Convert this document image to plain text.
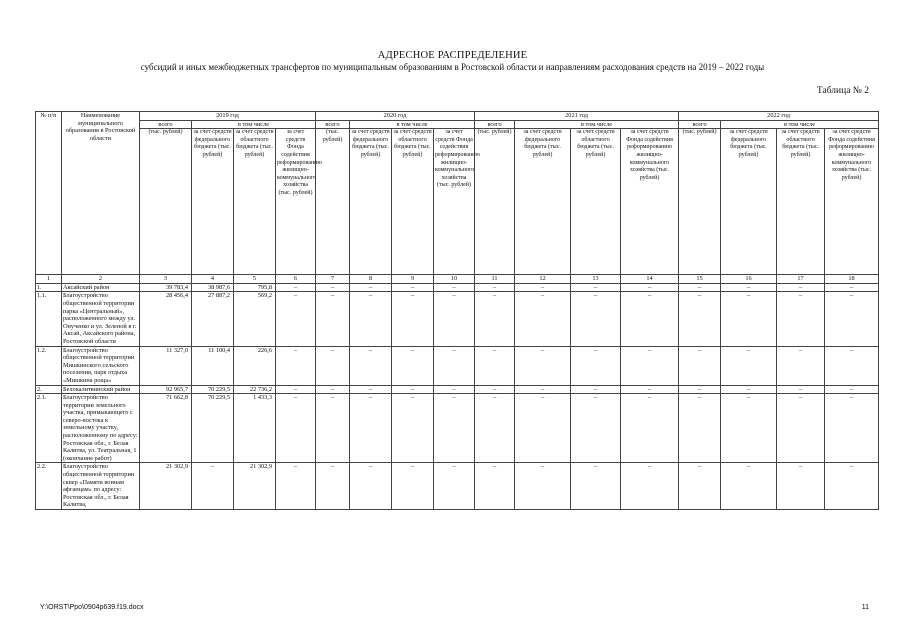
АДРЕСНОЕ РАСПРЕДЕЛЕНИЕ
субсидий и иных межбюджетных трансфертов по муниципальным образованиям в Ростовской области и направлениям расходования средств на 2019 – 2022 годы
Таблица № 2
№ п/п	Наименование муниципального образования в Ростовской области	2019 год				2020 год				2021 год				2022 год			
		всего	в том числе			всего	в том числе			всего	в том числе			всего	в том числе		
		(тыс. рублей)	за счет средств федерального бюджета (тыс. рублей)	за счет средств областного бюджета (тыс. рублей)	за счет средств Фонда содействия реформированию жилищно-коммунального хозяйства (тыс. рублей)	(тыс. рублей)	за счет средств федерального бюджета (тыс. рублей)	за счет средств областного бюджета (тыс. рублей)	за счет средств Фонда содействия реформированию жилищно-коммунального хозяйства (тыс. рублей)	(тыс. рублей)	за счет средств федерального бюджета (тыс. рублей)	за счет средств областного бюджета (тыс. рублей)	за счет средств Фонда содействия реформированию жилищно-коммунального хозяйства (тыс. рублей)	(тыс. рублей)	за счет средств федерального бюджета (тыс. рублей)	за счет средств областного бюджета (тыс. рублей)	за счет средств Фонда содействия реформированию жилищно-коммунального хозяйства (тыс. рублей)
1	2	3	4	5	6	7	8	9	10	11	12	13	14	15	16	17	18
1.	Аксайский район	39 783,4	38 987,6	795,8	–	–	–	–	–	–	–	–	–	–	–	–	–
1.1.	Благоустройство общественной территории парка «Центральный», расположенного между ул. Онученко и ул. Зеленой в г. Аксай, Аксайского района, Ростовской области	28 456,4	27 887,2	569,2	–	–	–	–	–	–	–	–	–	–	–	–	–
1.2.	Благоустройство общественной территории Мишкинского сельского поселения, парк отдыха «Мишкина роща»	11 327,0	11 100,4	226,6	–	–	–	–	–	–	–	–	–	–	–	–	–
2.	Белокалитвинский район	92 965,7	70 229,5	22 736,2	–	–	–	–	–	–	–	–	–	–	–	–	–
2.1.	Благоустройство территории земельного участка, примыкающего с северо-востока к земельному участку, расположенному по адресу: Ростовская обл., г. Белая Калитва, ул. Театральная, 1 (окончание работ)	71 662,8	70 229,5	1 433,3	–	–	–	–	–	–	–	–	–	–	–	–	–
2.2.	Благоустройство общественной территории сквер «Памяти воинам афганцам» по адресу: Ростовская обл., г. Белая Калитва,	21 302,9	–	21 302,9	–	–	–	–	–	–	–	–	–	–	–	–	–
Y:\ORST\Ppo\0904p639.f19.docx	11
